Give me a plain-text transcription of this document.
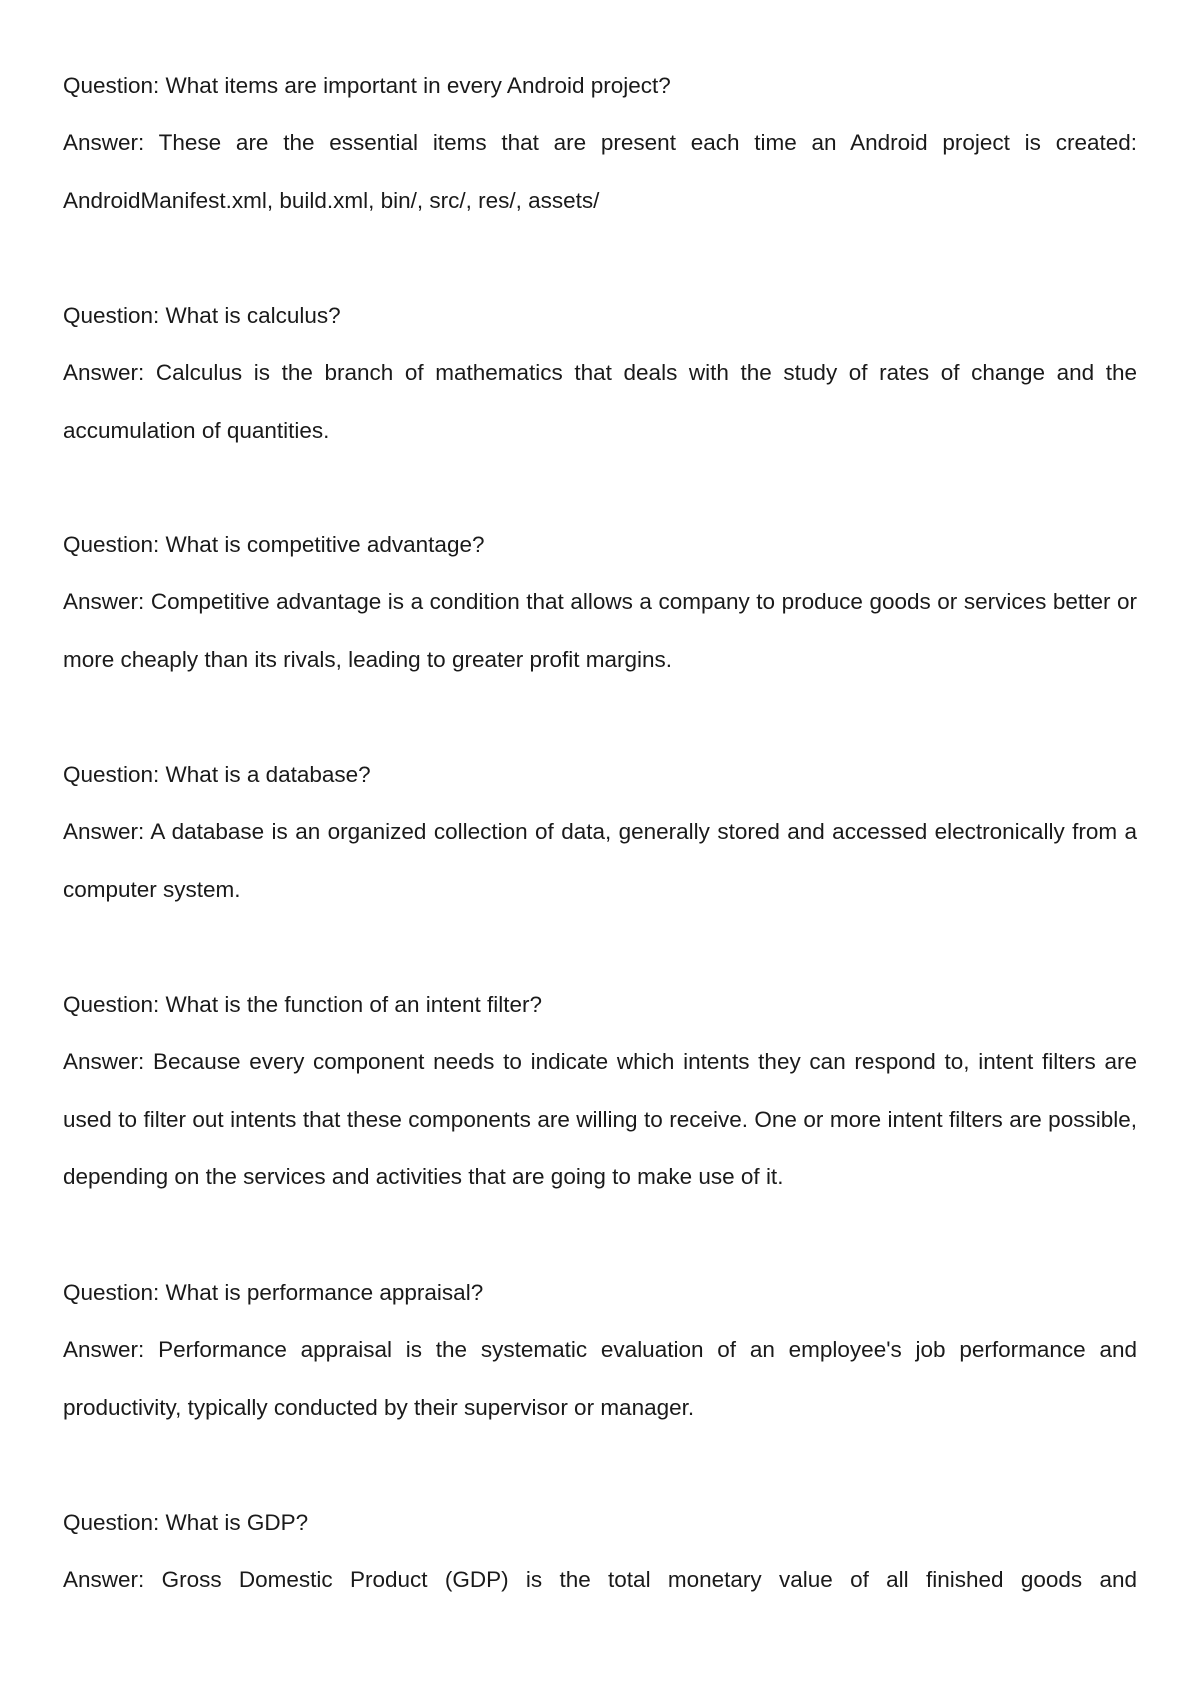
Question: What items are important in every Android project?

Answer: These are the essential items that are present each time an Android project is created: AndroidManifest.xml, build.xml, bin/, src/, res/, assets/

Question: What is calculus?

Answer: Calculus is the branch of mathematics that deals with the study of rates of change and the accumulation of quantities.

Question: What is competitive advantage?

Answer: Competitive advantage is a condition that allows a company to produce goods or services better or more cheaply than its rivals, leading to greater profit margins.

Question: What is a database?

Answer: A database is an organized collection of data, generally stored and accessed electronically from a computer system.

Question: What is the function of an intent filter?

Answer: Because every component needs to indicate which intents they can respond to, intent filters are used to filter out intents that these components are willing to receive. One or more intent filters are possible, depending on the services and activities that are going to make use of it.

Question: What is performance appraisal?

Answer: Performance appraisal is the systematic evaluation of an employee's job performance and productivity, typically conducted by their supervisor or manager.

Question: What is GDP?

Answer: Gross Domestic Product (GDP) is the total monetary value of all finished goods and
